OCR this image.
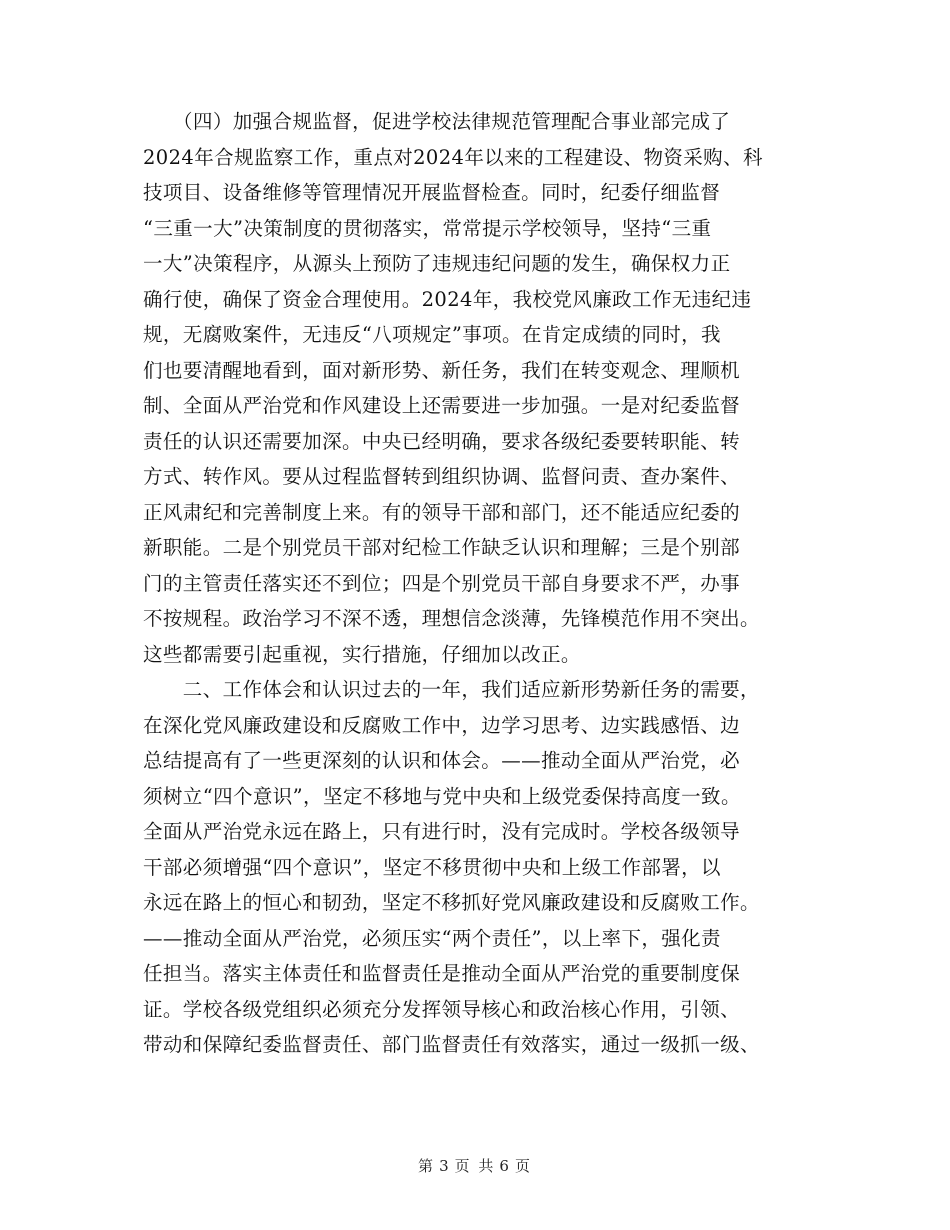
　　（四）加强合规监督，促进学校法律规范管理配合事业部完成了
2024年合规监察工作，重点对2024年以来的工程建设、物资采购、科
技项目、设备维修等管理情况开展监督检查。同时，纪委仔细监督
“三重一大”决策制度的贯彻落实，常常提示学校领导，坚持“三重
一大”决策程序，从源头上预防了违规违纪问题的发生，确保权力正
确行使，确保了资金合理使用。2024年，我校党风廉政工作无违纪违
规，无腐败案件，无违反“八项规定”事项。在肯定成绩的同时，我
们也要清醒地看到，面对新形势、新任务，我们在转变观念、理顺机
制、全面从严治党和作风建设上还需要进一步加强。一是对纪委监督
责任的认识还需要加深。中央已经明确，要求各级纪委要转职能、转
方式、转作风。要从过程监督转到组织协调、监督问责、查办案件、
正风肃纪和完善制度上来。有的领导干部和部门，还不能适应纪委的
新职能。二是个别党员干部对纪检工作缺乏认识和理解；三是个别部
门的主管责任落实还不到位；四是个别党员干部自身要求不严，办事
不按规程。政治学习不深不透，理想信念淡薄，先锋模范作用不突出。
这些都需要引起重视，实行措施，仔细加以改正。

　　二、工作体会和认识过去的一年，我们适应新形势新任务的需要，
在深化党风廉政建设和反腐败工作中，边学习思考、边实践感悟、边
总结提高有了一些更深刻的认识和体会。——推动全面从严治党，必
须树立“四个意识”，坚定不移地与党中央和上级党委保持高度一致。
全面从严治党永远在路上，只有进行时，没有完成时。学校各级领导
干部必须增强“四个意识”，坚定不移贯彻中央和上级工作部署，以
永远在路上的恒心和韧劲，坚定不移抓好党风廉政建设和反腐败工作。
——推动全面从严治党，必须压实“两个责任”，以上率下，强化责
任担当。落实主体责任和监督责任是推动全面从严治党的重要制度保
证。学校各级党组织必须充分发挥领导核心和政治核心作用，引领、
带动和保障纪委监督责任、部门监督责任有效落实，通过一级抓一级、

第 3 页 共 6 页
